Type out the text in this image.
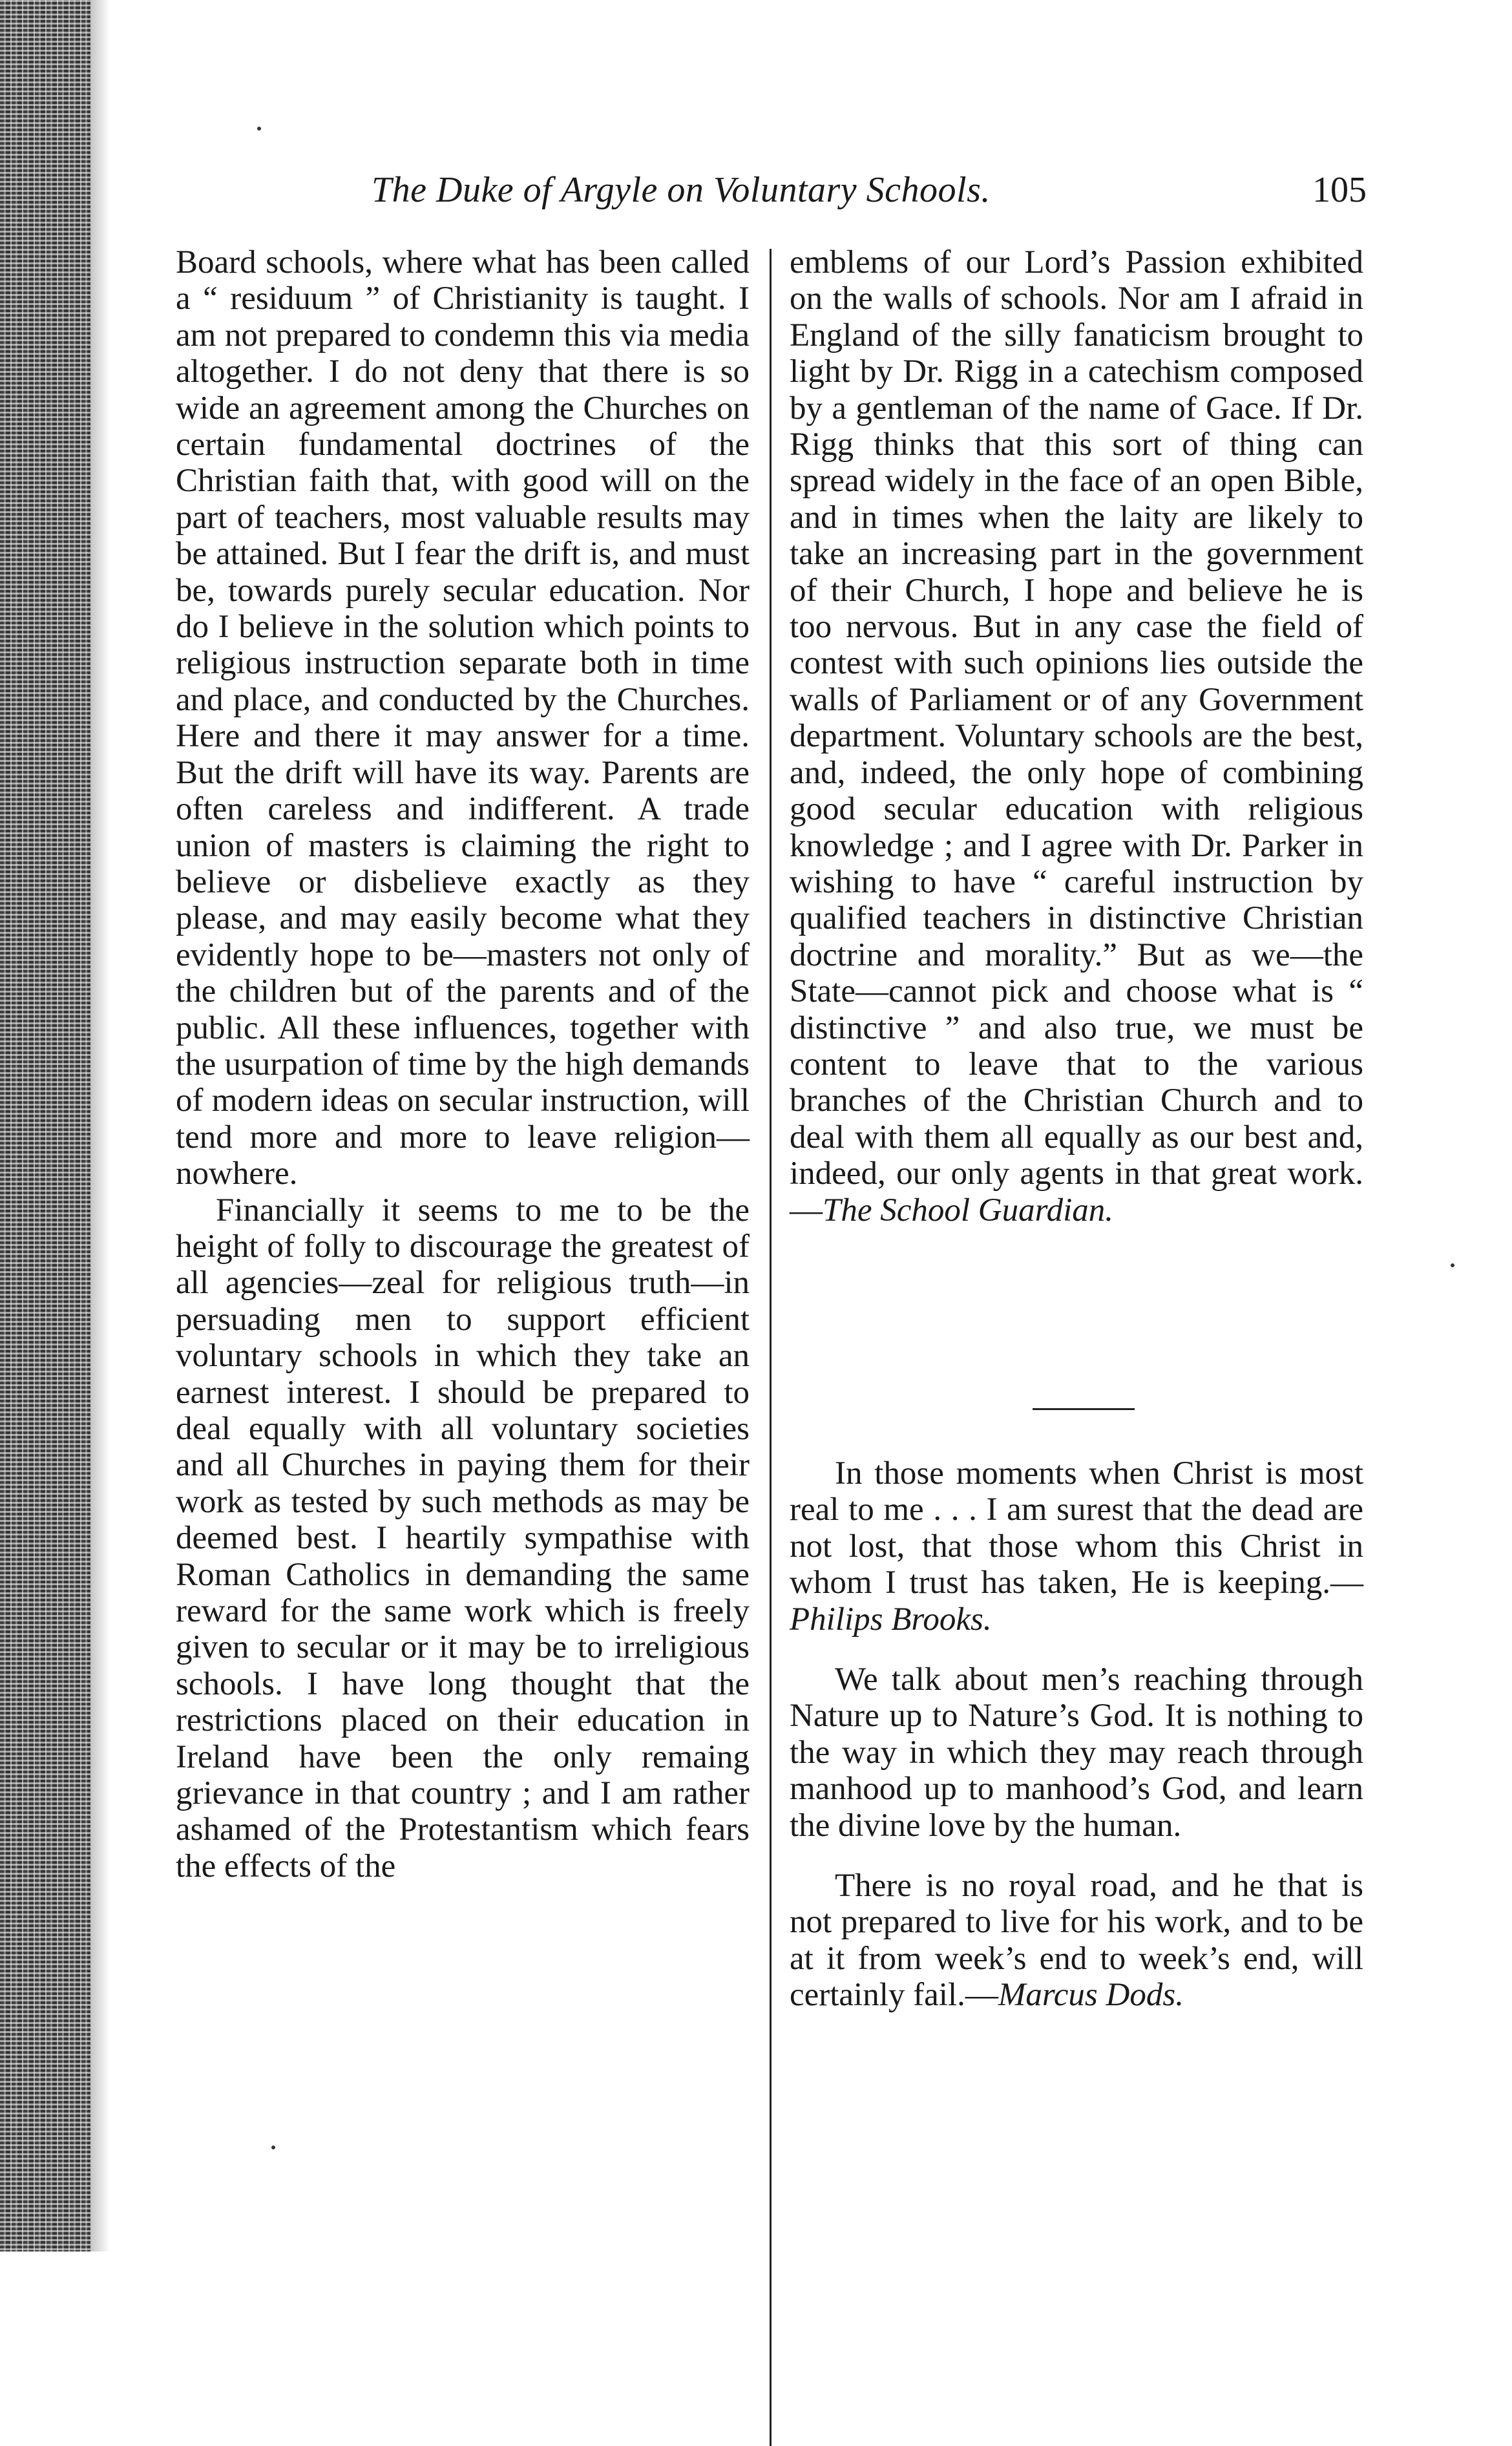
The Duke of Argyle on Voluntary Schools.	105

Board schools, where what has been called a “ residuum ” of Christianity is taught. I am not prepared to condemn this via media altogether. I do not deny that there is so wide an agreement among the Churches on certain fundamental doctrines of the Christian faith that, with good will on the part of teachers, most valuable results may be attained. But I fear the drift is, and must be, towards purely secular education. Nor do I believe in the solution which points to religious instruction separate both in time and place, and conducted by the Churches. Here and there it may answer for a time. But the drift will have its way. Parents are often careless and indifferent. A trade union of masters is claiming the right to believe or disbelieve exactly as they please, and may easily become what they evidently hope to be—masters not only of the children but of the parents and of the public. All these influences, together with the usurpation of time by the high demands of modern ideas on secular instruction, will tend more and more to leave religion—nowhere.

Financially it seems to me to be the height of folly to discourage the greatest of all agencies—zeal for religious truth—in persuading men to support efficient voluntary schools in which they take an earnest interest. I should be prepared to deal equally with all voluntary societies and all Churches in paying them for their work as tested by such methods as may be deemed best. I heartily sympathise with Roman Catholics in demanding the same reward for the same work which is freely given to secular or it may be to irreligious schools. I have long thought that the restrictions placed on their education in Ireland have been the only remaing grievance in that country ; and I am rather ashamed of the Protestantism which fears the effects of the

emblems of our Lord’s Passion exhibited on the walls of schools. Nor am I afraid in England of the silly fanaticism brought to light by Dr. Rigg in a catechism composed by a gentleman of the name of Gace. If Dr. Rigg thinks that this sort of thing can spread widely in the face of an open Bible, and in times when the laity are likely to take an increasing part in the government of their Church, I hope and believe he is too nervous. But in any case the field of contest with such opinions lies outside the walls of Parliament or of any Government department. Voluntary schools are the best, and, indeed, the only hope of combining good secular education with religious knowledge ; and I agree with Dr. Parker in wishing to have “ careful instruction by qualified teachers in distinctive Christian doctrine and morality.” But as we—the State—cannot pick and choose what is “ distinctive ” and also true, we must be content to leave that to the various branches of the Christian Church and to deal with them all equally as our best and, indeed, our only agents in that great work.—The School Guardian.

In those moments when Christ is most real to me . . . I am surest that the dead are not lost, that those whom this Christ in whom I trust has taken, He is keeping.—Philips Brooks.

We talk about men’s reaching through Nature up to Nature’s God. It is nothing to the way in which they may reach through manhood up to manhood’s God, and learn the divine love by the human.

There is no royal road, and he that is not prepared to live for his work, and to be at it from week’s end to week’s end, will certainly fail.—Marcus Dods.
